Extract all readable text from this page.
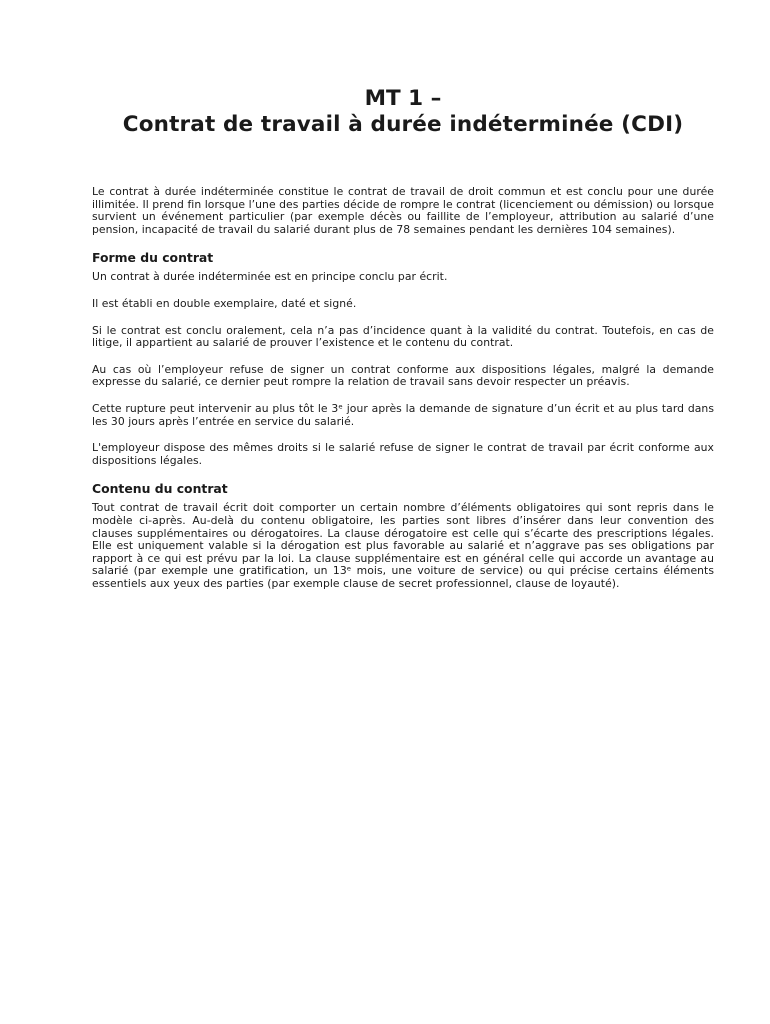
MT 1 –
Contrat de travail à durée indéterminée (CDI)

Le contrat à durée indéterminée constitue le contrat de travail de droit commun et est conclu pour une durée illimitée. Il prend fin lorsque l’une des parties décide de rompre le contrat (licenciement ou démission) ou lorsque survient un événement particulier (par exemple décès ou faillite de l’employeur, attribution au salarié d’une pension, incapacité de travail du salarié durant plus de 78 semaines pendant les dernières 104 semaines).

Forme du contrat

Un contrat à durée indéterminée est en principe conclu par écrit.

Il est établi en double exemplaire, daté et signé.

Si le contrat est conclu oralement, cela n’a pas d’incidence quant à la validité du contrat. Toutefois, en cas de litige, il appartient au salarié de prouver l’existence et le contenu du contrat.

Au cas où l’employeur refuse de signer un contrat conforme aux dispositions légales, malgré la demande expresse du salarié, ce dernier peut rompre la relation de travail sans devoir respecter un préavis.

Cette rupture peut intervenir au plus tôt le 3ᵉ jour après la demande de signature d’un écrit et au plus tard dans les 30 jours après l’entrée en service du salarié.

L'employeur dispose des mêmes droits si le salarié refuse de signer le contrat de travail par écrit conforme aux dispositions légales.

Contenu du contrat

Tout contrat de travail écrit doit comporter un certain nombre d’éléments obligatoires qui sont repris dans le modèle ci-après. Au-delà du contenu obligatoire, les parties sont libres d’insérer dans leur convention des clauses supplémentaires ou dérogatoires. La clause dérogatoire est celle qui s’écarte des prescriptions légales. Elle est uniquement valable si la dérogation est plus favorable au salarié et n’aggrave pas ses obligations par rapport à ce qui est prévu par la loi. La clause supplémentaire est en général celle qui accorde un avantage au salarié (par exemple une gratification, un 13ᵉ mois, une voiture de service) ou qui précise certains éléments essentiels aux yeux des parties (par exemple clause de secret professionnel, clause de loyauté).
